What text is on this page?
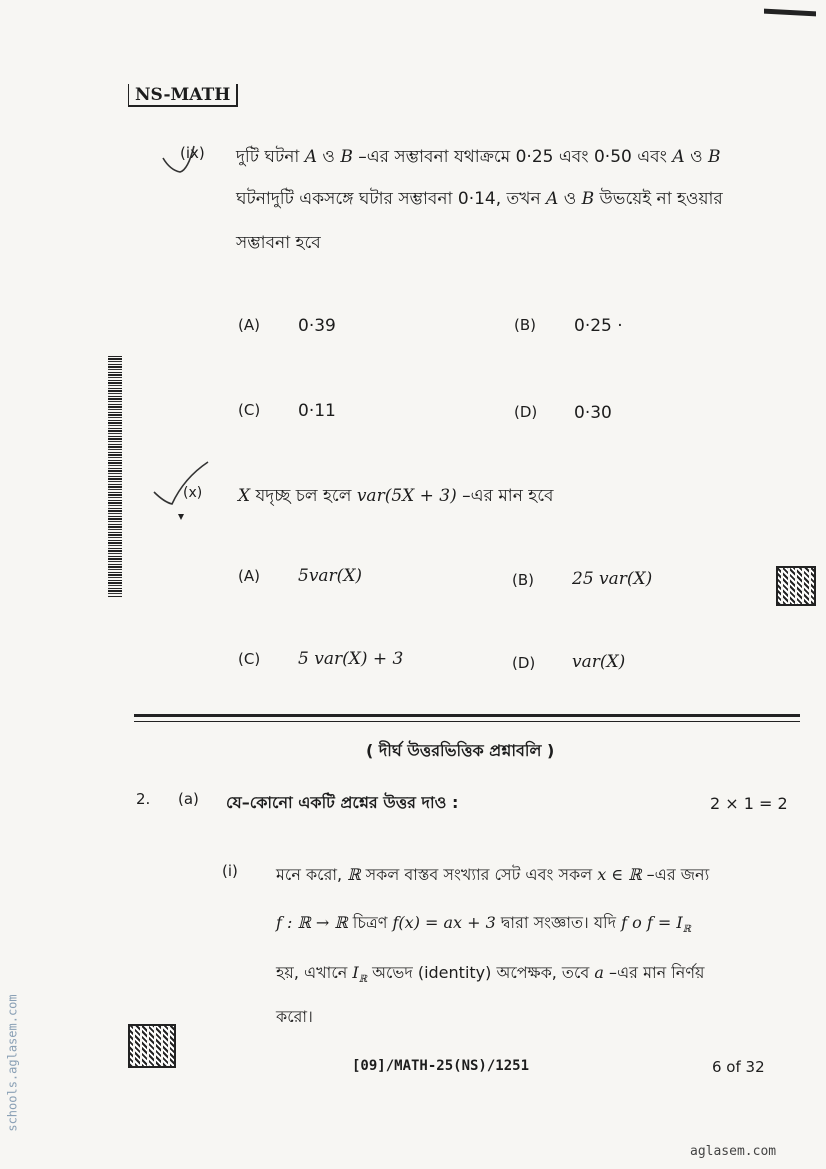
NS-MATH
(ix) দুটি ঘটনা A ও B –এর সম্ভাবনা যথাক্রমে 0·25 এবং 0·50 এবং A ও B
ঘটনাদুটি একসঙ্গে ঘটার সম্ভাবনা 0·14, তখন A ও B উভয়েই না হওয়ার
সম্ভাবনা হবে
(A) 0·39	(B) 0·25 ·
(C) 0·11	(D) 0·30
(x) X যদৃচ্ছ চল হলে var(5X + 3) –এর মান হবে
(A) 5var(X)	(B) 25 var(X)
(C) 5 var(X) + 3	(D) var(X)
( দীর্ঘ উত্তরভিত্তিক প্রশ্নাবলি )
2. (a) যে–কোনো একটি প্রশ্নের উত্তর দাও :	2 × 1 = 2
(i) মনে করো, ℝ সকল বাস্তব সংখ্যার সেট এবং সকল x ∈ ℝ –এর জন্য
f : ℝ → ℝ চিত্রণ f(x) = ax + 3 দ্বারা সংজ্ঞাত। যদি f o $f = I_ℝ$
হয়, এখানে $I_ℝ$ অভেদ (identity) অপেক্ষক, তবে a –এর মান নির্ণয়
করো।
[09]/MATH-25(NS)/1251	6 of 32
schools.aglasem.com
aglasem.com
